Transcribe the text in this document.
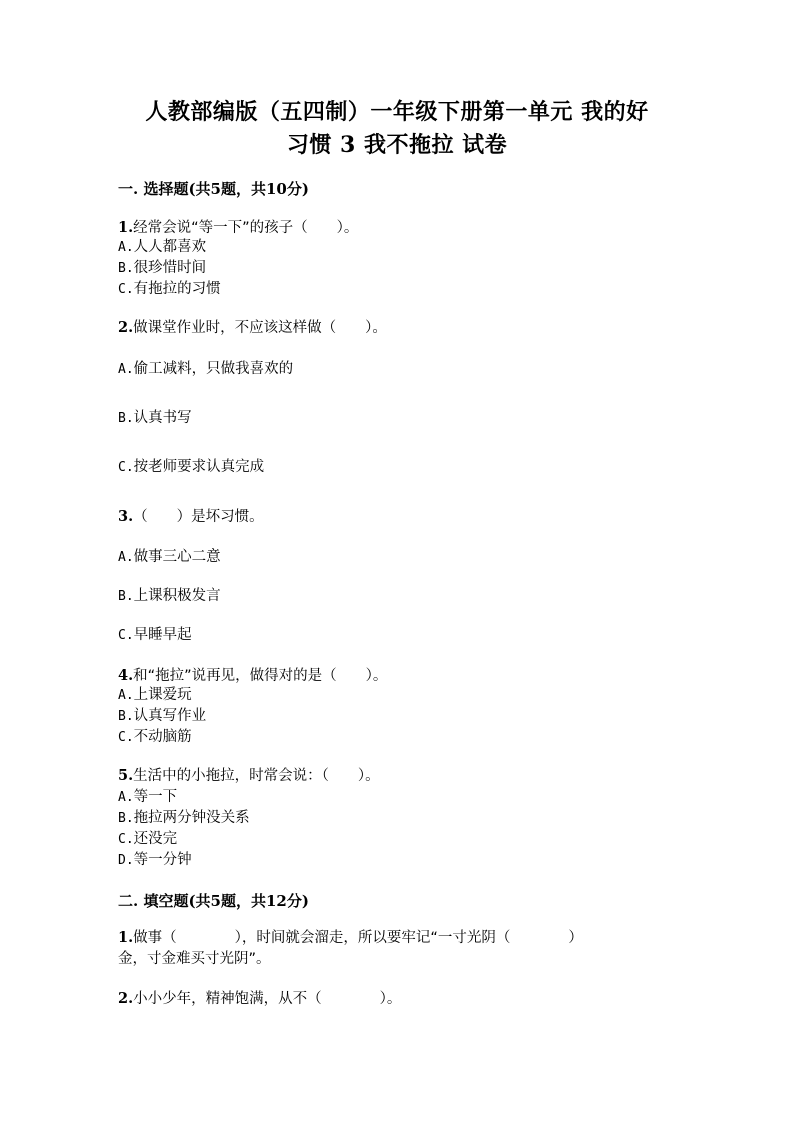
人教部编版（五四制）一年级下册第一单元 我的好
习惯 3 我不拖拉 试卷
一. 选择题(共5题，共10分)
1.经常会说“等一下”的孩子（　　）。
A.人人都喜欢
B.很珍惜时间
C.有拖拉的习惯
2.做课堂作业时，不应该这样做（　　）。
A.偷工减料，只做我喜欢的
B.认真书写
C.按老师要求认真完成
3.（　　）是坏习惯。
A.做事三心二意
B.上课积极发言
C.早睡早起
4.和“拖拉”说再见，做得对的是（　　）。
A.上课爱玩
B.认真写作业
C.不动脑筋
5.生活中的小拖拉，时常会说：（　　）。
A.等一下
B.拖拉两分钟没关系
C.还没完
D.等一分钟
二. 填空题(共5题，共12分)
1.做事（　　　　），时间就会溜走，所以要牢记“一寸光阴（　　　　）
金，寸金难买寸光阴”。
2.小小少年，精神饱满，从不（　　　　）。
